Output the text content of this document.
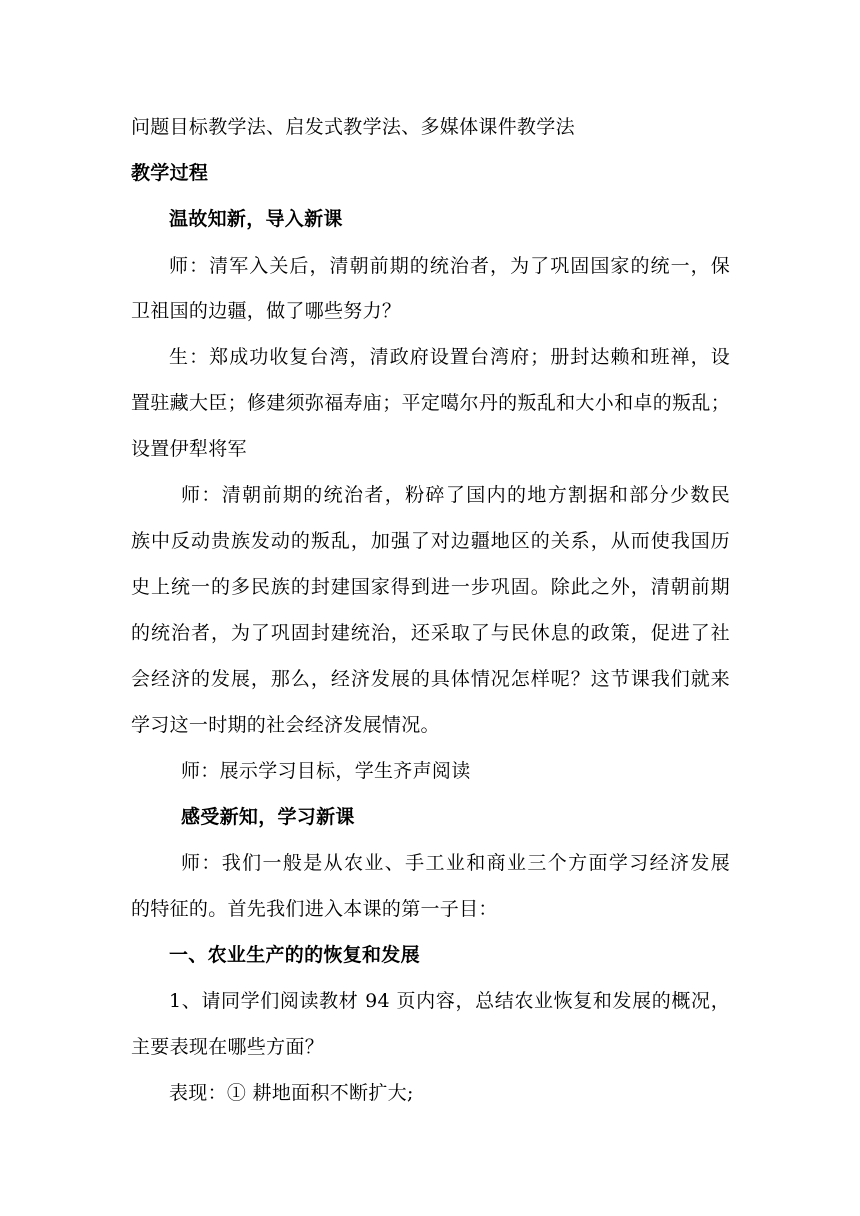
问题目标教学法、启发式教学法、多媒体课件教学法
教学过程
温故知新，导入新课
师：清军入关后，清朝前期的统治者，为了巩固国家的统一，保
卫祖国的边疆，做了哪些努力？
生：郑成功收复台湾，清政府设置台湾府；册封达赖和班禅，设
置驻藏大臣；修建须弥福寿庙；平定噶尔丹的叛乱和大小和卓的叛乱；
设置伊犁将军
师：清朝前期的统治者，粉碎了国内的地方割据和部分少数民
族中反动贵族发动的叛乱，加强了对边疆地区的关系，从而使我国历
史上统一的多民族的封建国家得到进一步巩固。除此之外，清朝前期
的统治者，为了巩固封建统治，还采取了与民休息的政策，促进了社
会经济的发展，那么，经济发展的具体情况怎样呢？这节课我们就来
学习这一时期的社会经济发展情况。
师：展示学习目标，学生齐声阅读
感受新知，学习新课
师：我们一般是从农业、手工业和商业三个方面学习经济发展
的特征的。首先我们进入本课的第一子目：
一、农业生产的的恢复和发展
1、请同学们阅读教材 94 页内容，总结农业恢复和发展的概况，
主要表现在哪些方面？
表现：① 耕地面积不断扩大;
